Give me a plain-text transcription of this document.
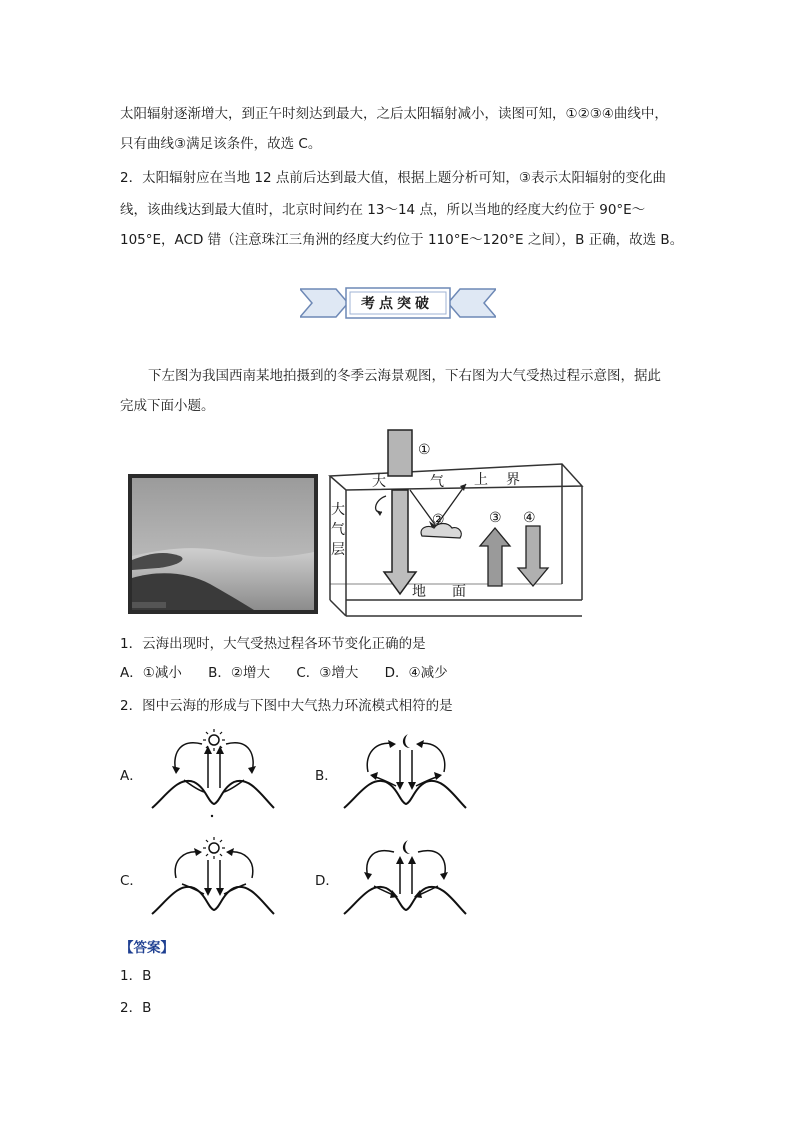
太阳辐射逐渐增大，到正午时刻达到最大，之后太阳辐射减小，读图可知，①②③④曲线中，
只有曲线③满足该条件，故选 C。
2．太阳辐射应在当地 12 点前后达到最大值，根据上题分析可知，③表示太阳辐射的变化曲
线，该曲线达到最大值时，北京时间约在 13～14 点，所以当地的经度大约位于 90°E～
105°E，ACD 错（注意珠江三角洲的经度大约位于 110°E～120°E 之间），B 正确，故选 B。
考点突破
下左图为我国西南某地拍摄到的冬季云海景观图，下右图为大气受热过程示意图，据此
完成下面小题。
①
②	③ ④
大	气 上 界
大
气
层
地 面
1．云海出现时，大气受热过程各环节变化正确的是
A．①减小 B．②增大 C．③增大 D．④减少
2．图中云海的形成与下图中大气热力环流模式相符的是
A．	B．
C．	D．
【答案】
1．B
2．B
